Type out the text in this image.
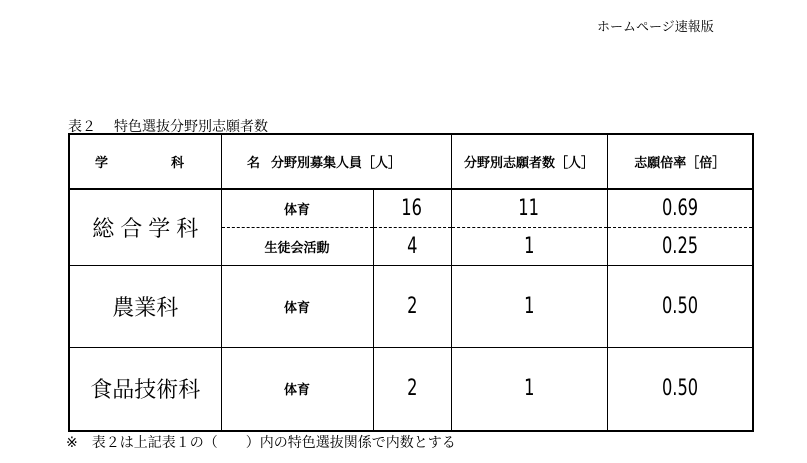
ホームページ速報版
表２ 特色選抜分野別志願者数
学　科　名	分野別募集人員［人］		分野別志願者数［人］	志願倍率［倍］
総合学科	体育	16	11	0.69
	生徒会活動	4	1	0.25
農業科	体育	2	1	0.50
食品技術科	体育	2	1	0.50
※　表２は上記表１の（　　）内の特色選抜関係で内数とする
